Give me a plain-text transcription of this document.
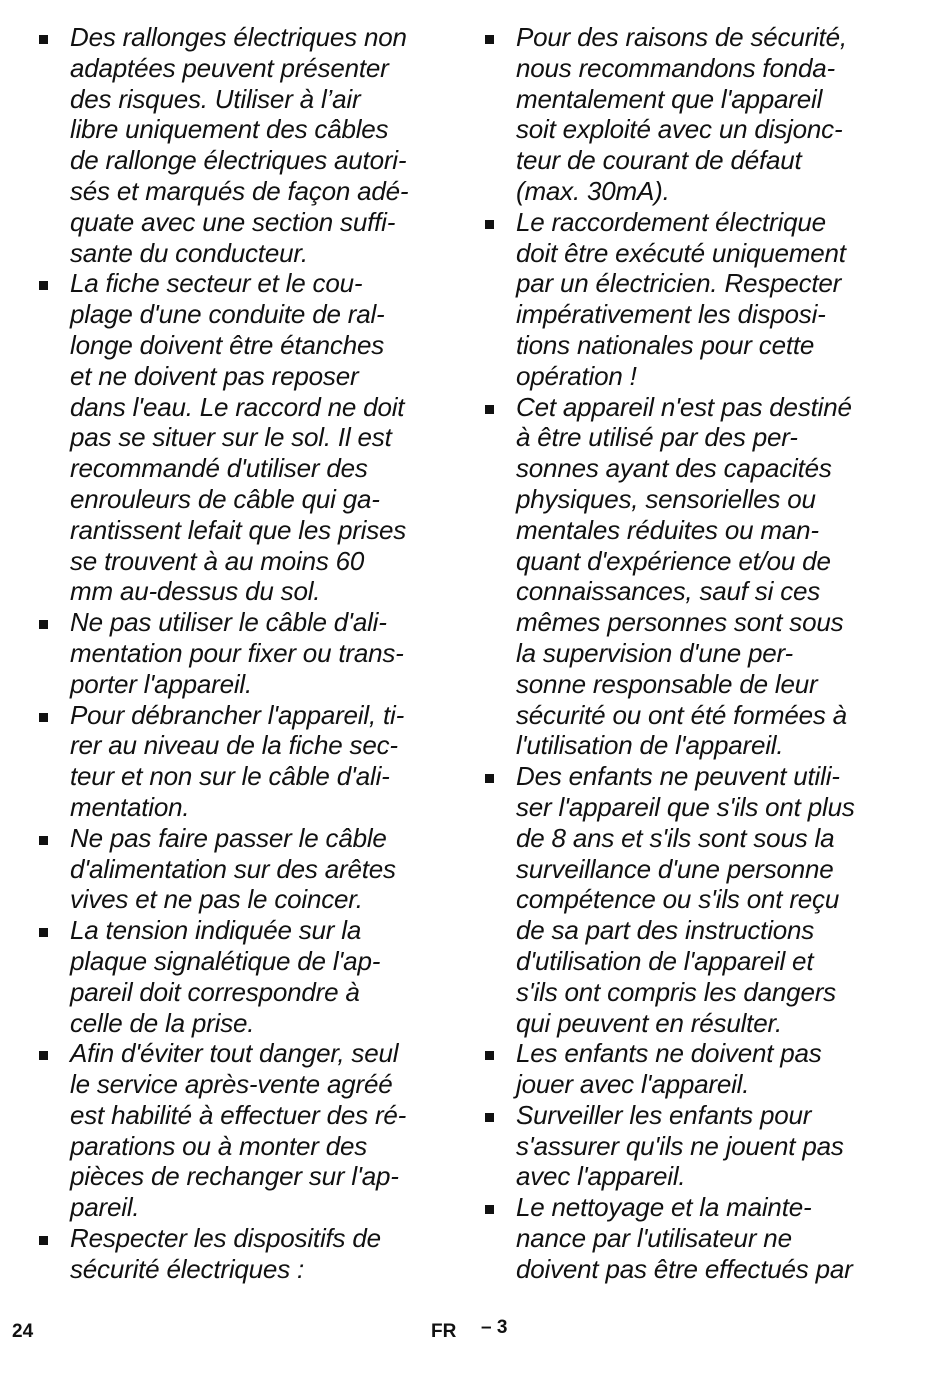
Des rallonges électriques non
adaptées peuvent présenter
des risques. Utiliser à l’air
libre uniquement des câbles
de rallonge électriques autori-
sés et marqués de façon adé-
quate avec une section suffi-
sante du conducteur.
La fiche secteur et le cou-
plage d'une conduite de ral-
longe doivent être étanches
et ne doivent pas reposer
dans l'eau. Le raccord ne doit
pas se situer sur le sol. Il est
recommandé d'utiliser des
enrouleurs de câble qui ga-
rantissent lefait que les prises
se trouvent à au moins 60
mm au-dessus du sol.
Ne pas utiliser le câble d'ali-
mentation pour fixer ou trans-
porter l'appareil.
Pour débrancher l'appareil, ti-
rer au niveau de la fiche sec-
teur et non sur le câble d'ali-
mentation.
Ne pas faire passer le câble
d'alimentation sur des arêtes
vives et ne pas le coincer.
La tension indiquée sur la
plaque signalétique de l'ap-
pareil doit correspondre à
celle de la prise.
Afin d'éviter tout danger, seul
le service après-vente agréé
est habilité à effectuer des ré-
parations ou à monter des
pièces de rechanger sur l'ap-
pareil.
Respecter les dispositifs de
sécurité électriques :
Pour des raisons de sécurité,
nous recommandons fonda-
mentalement que l'appareil
soit exploité avec un disjonc-
teur de courant de défaut
(max. 30mA).
Le raccordement électrique
doit être exécuté uniquement
par un électricien. Respecter
impérativement les disposi-
tions nationales pour cette
opération !
Cet appareil n'est pas destiné
à être utilisé par des per-
sonnes ayant des capacités
physiques, sensorielles ou
mentales réduites ou man-
quant d'expérience et/ou de
connaissances, sauf si ces
mêmes personnes sont sous
la supervision d'une per-
sonne responsable de leur
sécurité ou ont été formées à
l'utilisation de l'appareil.
Des enfants ne peuvent utili-
ser l'appareil que s'ils ont plus
de 8 ans et s'ils sont sous la
surveillance d'une personne
compétence ou s'ils ont reçu
de sa part des instructions
d'utilisation de l'appareil et
s'ils ont compris les dangers
qui peuvent en résulter.
Les enfants ne doivent pas
jouer avec l'appareil.
Surveiller les enfants pour
s'assurer qu'ils ne jouent pas
avec l'appareil.
Le nettoyage et la mainte-
nance par l'utilisateur ne
doivent pas être effectués par
24	FR – 3
